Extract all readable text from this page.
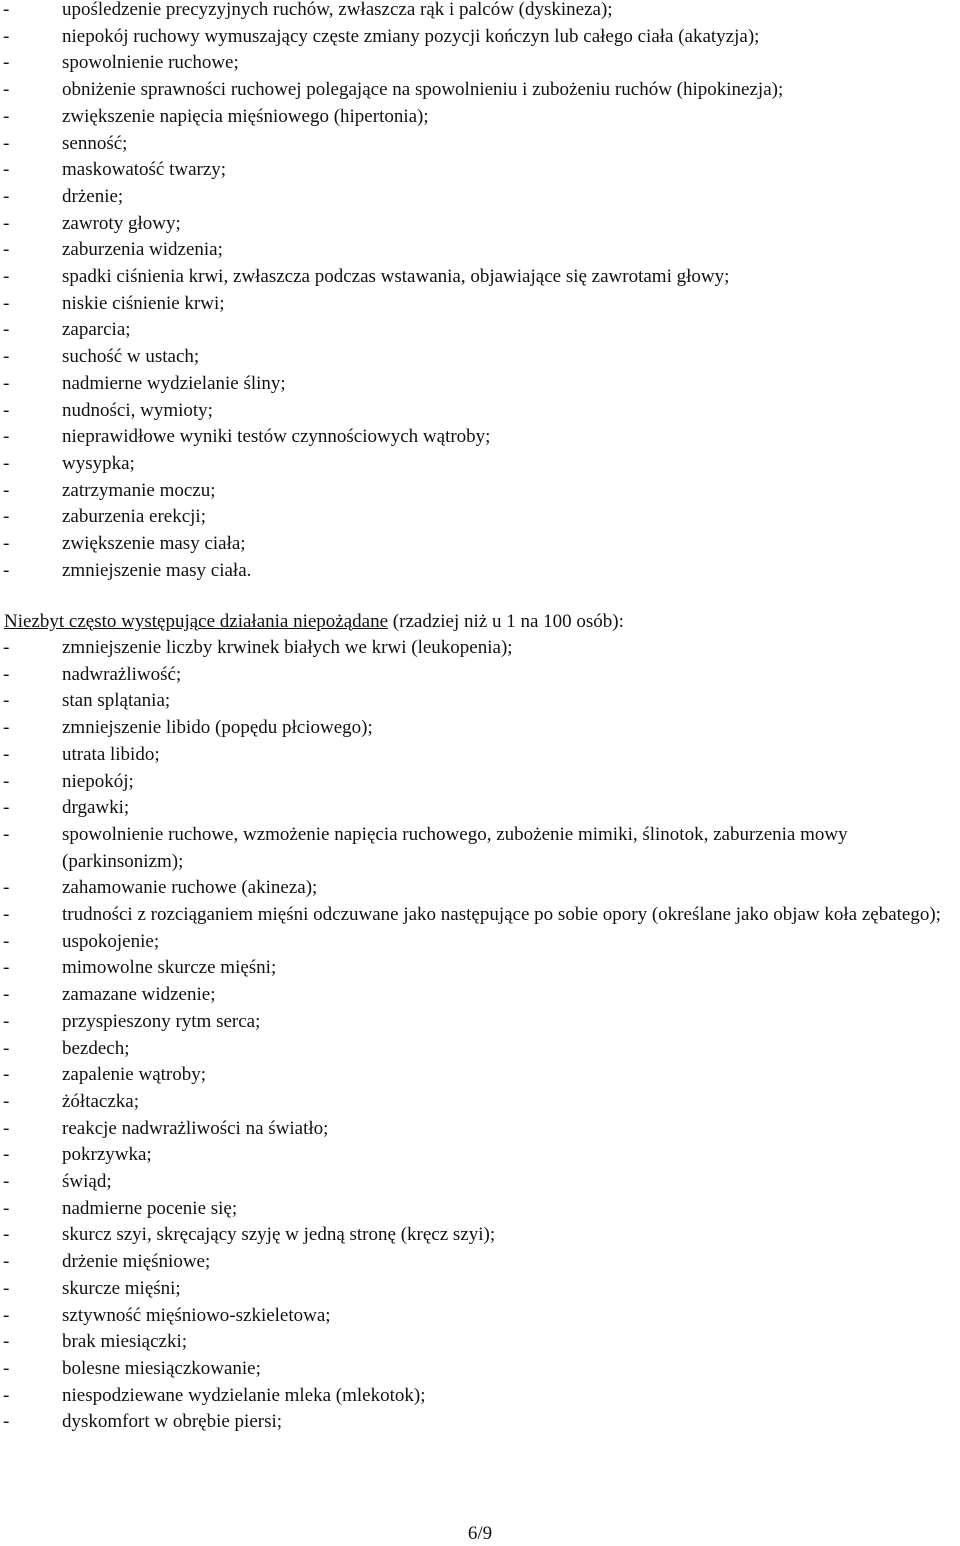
-	upośledzenie precyzyjnych ruchów, zwłaszcza rąk i palców (dyskineza);
-	niepokój ruchowy wymuszający częste zmiany pozycji kończyn lub całego ciała (akatyzja);
-	spowolnienie ruchowe;
-	obniżenie sprawności ruchowej polegające na spowolnieniu i zubożeniu ruchów (hipokinezja);
-	zwiększenie napięcia mięśniowego (hipertonia);
-	senność;
-	maskowatość twarzy;
-	drżenie;
-	zawroty głowy;
-	zaburzenia widzenia;
-	spadki ciśnienia krwi, zwłaszcza podczas wstawania, objawiające się zawrotami głowy;
-	niskie ciśnienie krwi;
-	zaparcia;
-	suchość w ustach;
-	nadmierne wydzielanie śliny;
-	nudności, wymioty;
-	nieprawidłowe wyniki testów czynnościowych wątroby;
-	wysypka;
-	zatrzymanie moczu;
-	zaburzenia erekcji;
-	zwiększenie masy ciała;
-	zmniejszenie masy ciała.
Niezbyt często występujące działania niepożądane (rzadziej niż u 1 na 100 osób):
-	zmniejszenie liczby krwinek białych we krwi (leukopenia);
-	nadwrażliwość;
-	stan splątania;
-	zmniejszenie libido (popędu płciowego);
-	utrata libido;
-	niepokój;
-	drgawki;
-	spowolnienie ruchowe, wzmożenie napięcia ruchowego, zubożenie mimiki, ślinotok, zaburzenia mowy (parkinsonizm);
-	zahamowanie ruchowe (akineza);
-	trudności z rozciąganiem mięśni odczuwane jako następujące po sobie opory (określane jako objaw koła zębatego);
-	uspokojenie;
-	mimowolne skurcze mięśni;
-	zamazane widzenie;
-	przyspieszony rytm serca;
-	bezdech;
-	zapalenie wątroby;
-	żółtaczka;
-	reakcje nadwrażliwości na światło;
-	pokrzywka;
-	świąd;
-	nadmierne pocenie się;
-	skurcz szyi, skręcający szyję w jedną stronę (kręcz szyi);
-	drżenie mięśniowe;
-	skurcze mięśni;
-	sztywność mięśniowo-szkieletowa;
-	brak miesiączki;
-	bolesne miesiączkowanie;
-	niespodziewane wydzielanie mleka (mlekotok);
-	dyskomfort w obrębie piersi;
6/9
